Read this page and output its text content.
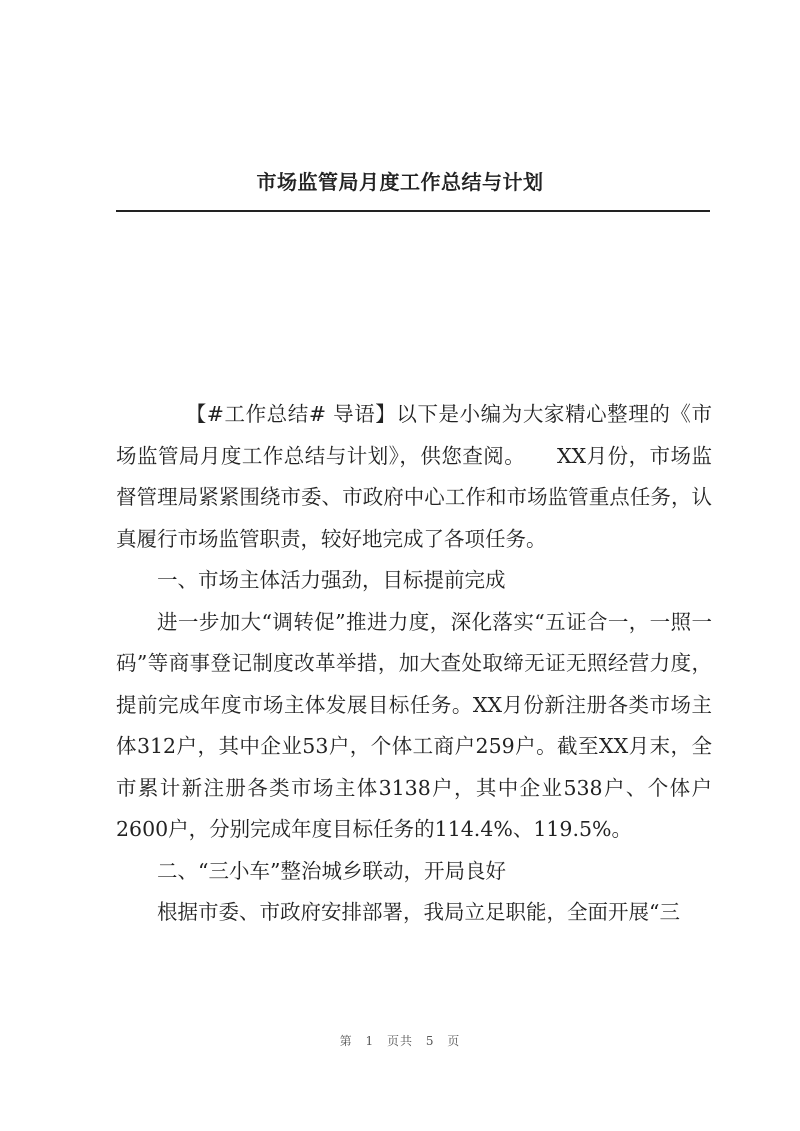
市场监管局月度工作总结与计划

【#工作总结# 导语】以下是小编为大家精心整理的《市场监管局月度工作总结与计划》，供您查阅。　　XX月份，市场监督管理局紧紧围绕市委、市政府中心工作和市场监管重点任务，认真履行市场监管职责，较好地完成了各项任务。

一、市场主体活力强劲，目标提前完成

进一步加大“调转促”推进力度，深化落实“五证合一，一照一码”等商事登记制度改革举措，加大查处取缔无证无照经营力度，提前完成年度市场主体发展目标任务。XX月份新注册各类市场主体312户，其中企业53户，个体工商户259户。截至XX月末，全市累计新注册各类市场主体3138户，其中企业538户、个体户2600户，分别完成年度目标任务的114.4%、119.5%。

二、“三小车”整治城乡联动，开局良好

根据市委、市政府安排部署，我局立足职能，全面开展“三

第 1 页共 5 页
